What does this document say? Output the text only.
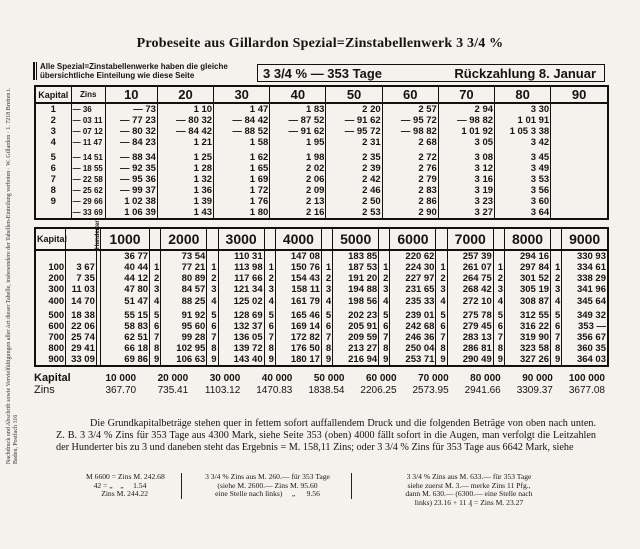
Probeseite aus Gillardon Spezial=Zinstabellenwerk 3 3/4 %
Nachdruck und Abschrift sowie Vervielfältigungen aller Art dieser Tabelle, insbesondere der Tabellen-Einteilung verboten · W. Gillardon · 1. 7218 Bretten i. Baden, Postfach 116
Alle Spezial=Zinstabellenwerke haben die gleiche übersichtliche Einteilung wie diese Seite	3 3/4 % — 353 Tage	Rückzahlung 8. Januar
Kapital	Zins	10	20	30	40	50	60	70	80	90
1	— 36	— 73	1 10	1 47	1 83	2 20	2 57	2 94	3 30	
2	— 03 11	— 77 23	— 80 32	— 84 42	— 87 52	— 91 62	— 95 72	— 98 82	1 01 91	
3	— 07 12	— 80 32	— 84 42	— 88 52	— 91 62	— 95 72	— 98 82	1 01 92	1 05 3 38	
4	— 11 47	— 84 23	1 21	1 58	1 95	2 31	2 68	3 05	3 42	
5	— 14 51	— 88 34	1 25	1 62	1 98	2 35	2 72	3 08	3 45	
6	— 18 55	— 92 35	1 28	1 65	2 02	2 39	2 76	3 12	3 49	
7	— 22 58	— 95 36	1 32	1 69	2 06	2 42	2 79	3 16	3 53	
8	— 25 62	— 99 37	1 36	1 72	2 09	2 46	2 83	3 19	3 56	
9	— 29 66	1 02 38	1 39	1 76	2 13	2 50	2 86	3 23	3 60	
	— 33 69	1 06 39	1 43	1 80	2 16	2 53	2 90	3 27	3 64	
Kapital		Hunderter	1000		2000		3000		4000		5000		6000		7000		8000		9000
			36 77		73 54		110 31		147 08		183 85		220 62		257 39		294 16		330 93
100	3 67		40 44	1	77 21	1	113 98	1	150 76	1	187 53	1	224 30	1	261 07	1	297 84	1	334 61
200	7 35		44 12	2	80 89	2	117 66	2	154 43	2	191 20	2	227 97	2	264 75	2	301 52	2	338 29
300	11 03		47 80	3	84 57	3	121 34	3	158 11	3	194 88	3	231 65	3	268 42	3	305 19	3	341 96
400	14 70		51 47	4	88 25	4	125 02	4	161 79	4	198 56	4	235 33	4	272 10	4	308 87	4	345 64
500	18 38		55 15	5	91 92	5	128 69	5	165 46	5	202 23	5	239 01	5	275 78	5	312 55	5	349 32
600	22 06		58 83	6	95 60	6	132 37	6	169 14	6	205 91	6	242 68	6	279 45	6	316 22	6	353 —
700	25 74		62 51	7	99 28	7	136 05	7	172 82	7	209 59	7	246 36	7	283 13	7	319 90	7	356 67
800	29 41		66 18	8	102 95	8	139 72	8	176 50	8	213 27	8	250 04	8	286 81	8	323 58	8	360 35
900	33 09		69 86	9	106 63	9	143 40	9	180 17	9	216 94	9	253 71	9	290 49	9	327 26	9	364 03
Kapital	10 000	20 000	30 000	40 000	50 000	60 000	70 000	80 000	90 000	100 000
Zins	367.70	735.41	1103.12	1470.83	1838.54	2206.25	2573.95	2941.66	3309.37	3677.08

Die Grundkapitalbeträge stehen quer in fettem sofort auffallendem Druck und die folgenden Beträge von oben nach unten. Z. B. 3 3/4 % Zins für 353 Tage aus 4300 Mark, siehe Seite 353 (oben) 4000 fällt sofort in die Augen, man verfolgt die Leitzahlen der Hunderter bis zu 3 und daneben steht das Ergebnis = M. 158,11 Zins; oder 3 3/4 % Zins für 353 Tage aus 6642 Mark, siehe

M 6600 = Zins M. 242.68
42 = „    „     1.54
Zins M. 244.22
3 3/4 % Zins aus M. 260.— für 353 Tage
(siehe M. 2600.— Zins M. 95.60
eine Stelle nach links)     „      9.56
3 3/4 % Zins aus M. 633.— für 353 Tage
siehe zuerst M. 3.— merke Zins 11 Pfg.,
dann M. 630.— (6300.— eine Stelle nach
links) 23.16 + 11 ₰ = Zins M. 23.27
